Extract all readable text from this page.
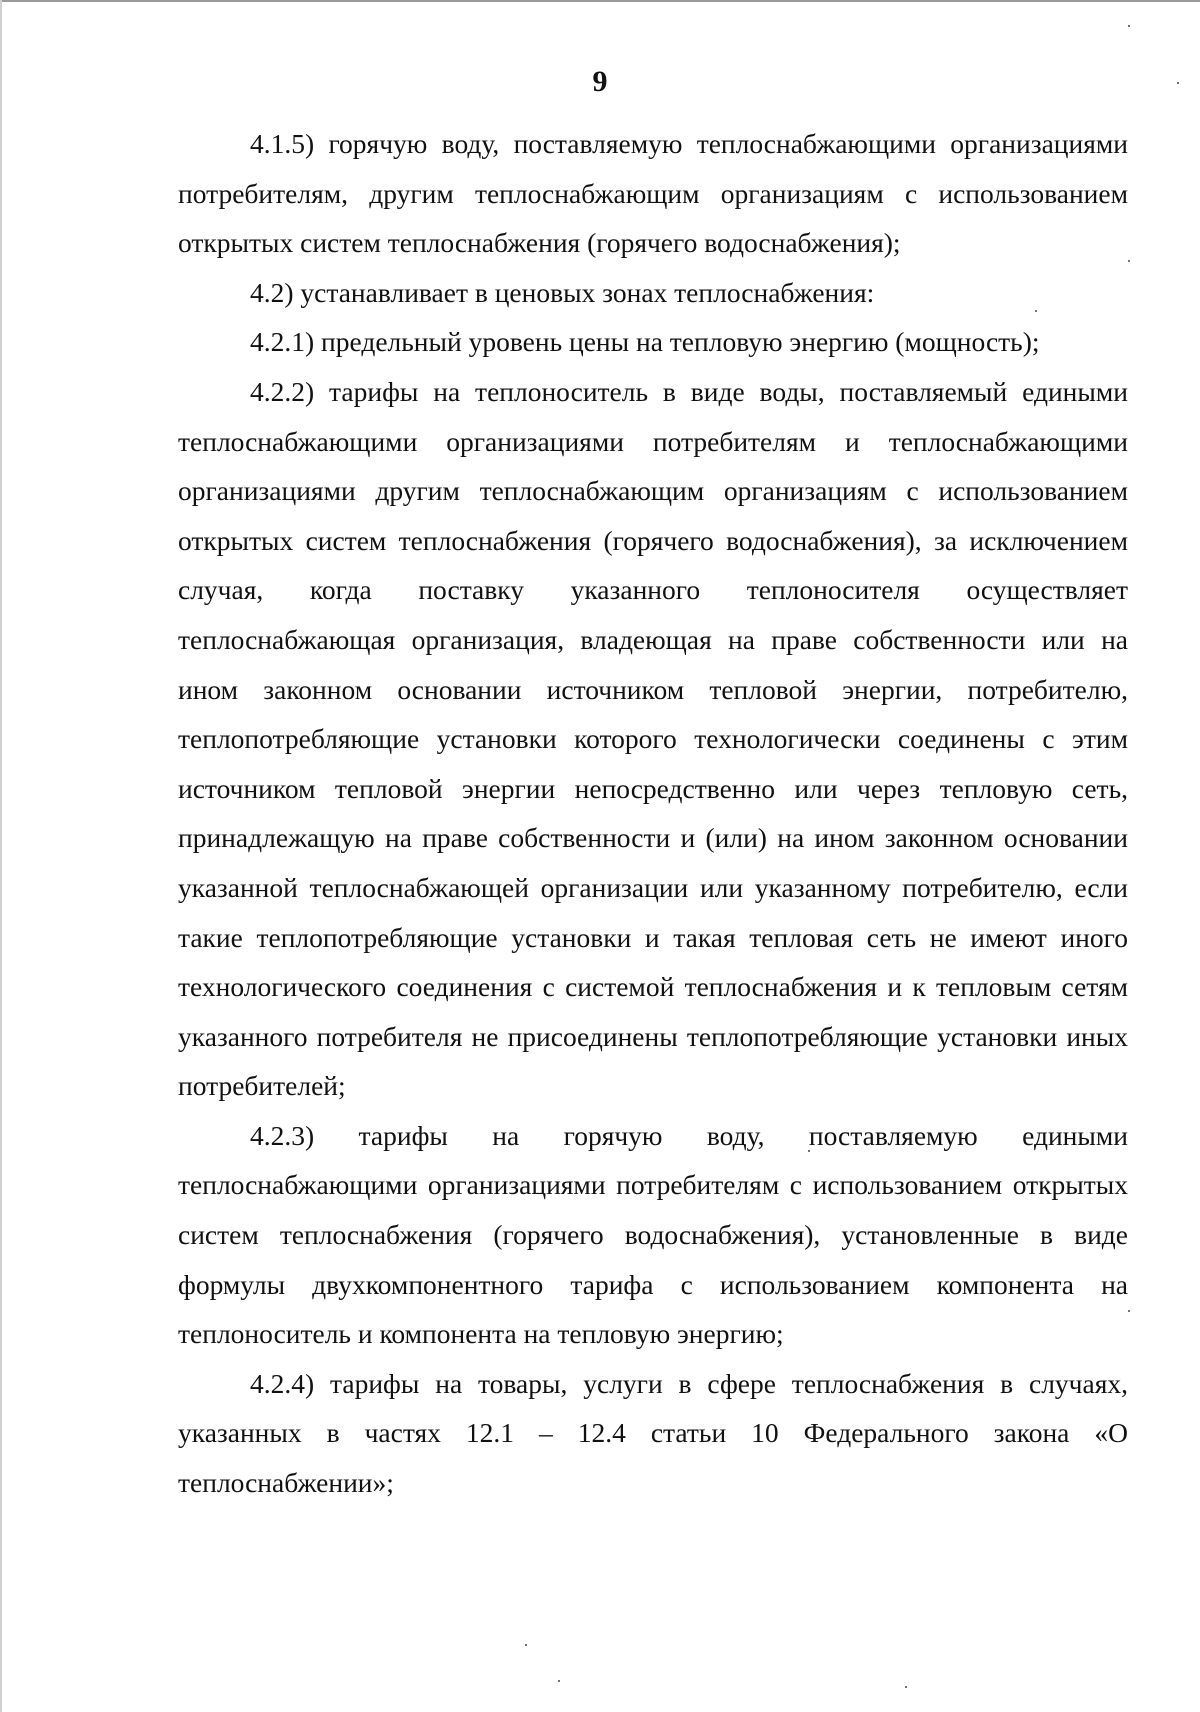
9

4.1.5) горячую воду, поставляемую теплоснабжающими организациями потребителям, другим теплоснабжающим организациям с использованием открытых систем теплоснабжения (горячего водоснабжения);

4.2) устанавливает в ценовых зонах теплоснабжения:

4.2.1) предельный уровень цены на тепловую энергию (мощность);

4.2.2) тарифы на теплоноситель в виде воды, поставляемый едиными теплоснабжающими организациями потребителям и теплоснабжающими организациями другим теплоснабжающим организациям с использованием открытых систем теплоснабжения (горячего водоснабжения), за исключением случая, когда поставку указанного теплоносителя осуществляет теплоснабжающая организация, владеющая на праве собственности или на ином законном основании источником тепловой энергии, потребителю, теплопотребляющие установки которого технологически соединены с этим источником тепловой энергии непосредственно или через тепловую сеть, принадлежащую на праве собственности и (или) на ином законном основании указанной теплоснабжающей организации или указанному потребителю, если такие теплопотребляющие установки и такая тепловая сеть не имеют иного технологического соединения с системой теплоснабжения и к тепловым сетям указанного потребителя не присоединены теплопотребляющие установки иных потребителей;

4.2.3) тарифы на горячую воду, поставляемую едиными теплоснабжающими организациями потребителям с использованием открытых систем теплоснабжения (горячего водоснабжения), установленные в виде формулы двухкомпонентного тарифа с использованием компонента на теплоноситель и компонента на тепловую энергию;

4.2.4) тарифы на товары, услуги в сфере теплоснабжения в случаях, указанных в частях 12.1 – 12.4 статьи 10 Федерального закона «О теплоснабжении»;
